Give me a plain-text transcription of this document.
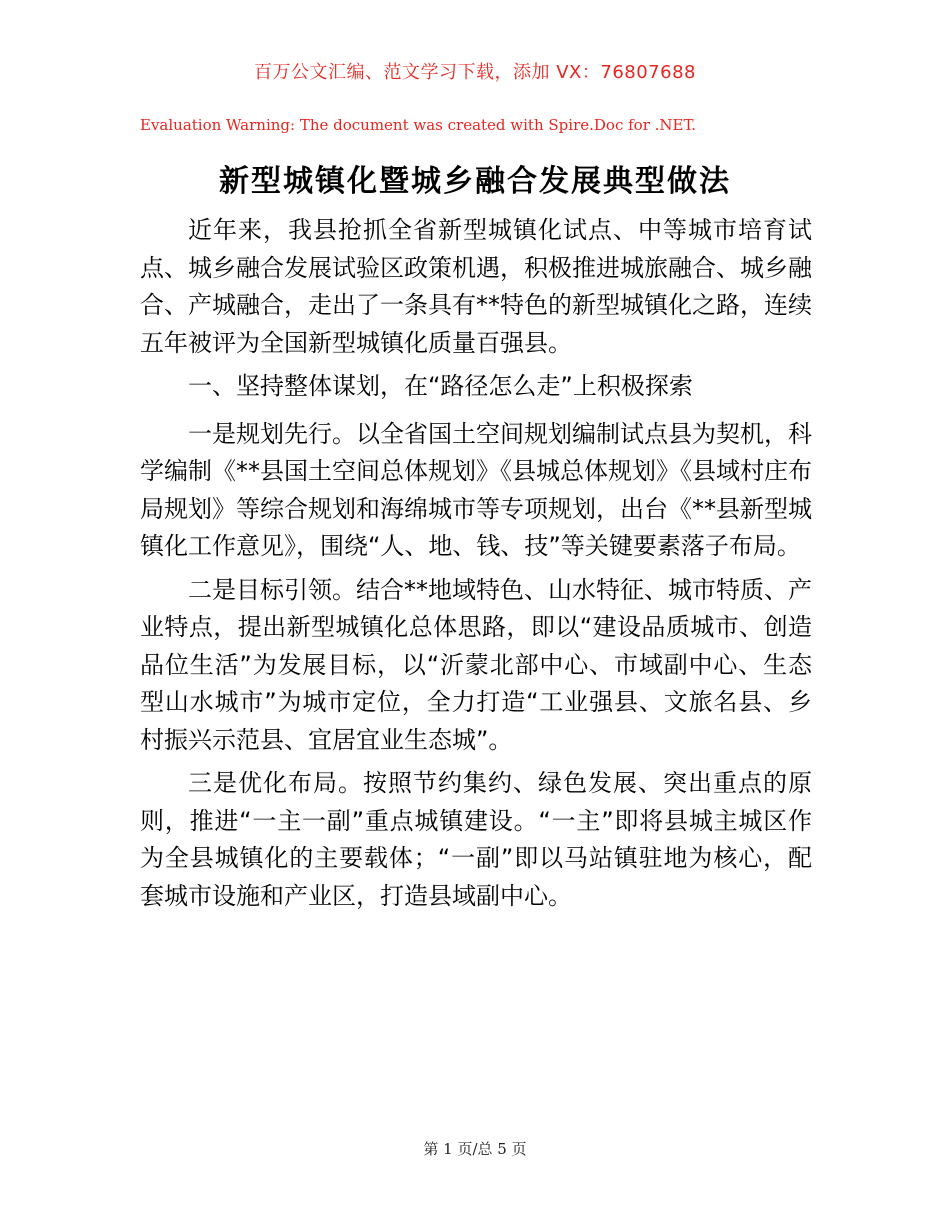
百万公文汇编、范文学习下载，添加 VX：76807688
Evaluation Warning: The document was created with Spire.Doc for .NET.
新型城镇化暨城乡融合发展典型做法

近年来，我县抢抓全省新型城镇化试点、中等城市培育试点、城乡融合发展试验区政策机遇，积极推进城旅融合、城乡融合、产城融合，走出了一条具有**特色的新型城镇化之路，连续五年被评为全国新型城镇化质量百强县。

一、坚持整体谋划，在“路径怎么走”上积极探索

一是规划先行。以全省国土空间规划编制试点县为契机，科学编制《**县国土空间总体规划》《县城总体规划》《县域村庄布局规划》等综合规划和海绵城市等专项规划，出台《**县新型城镇化工作意见》，围绕“人、地、钱、技”等关键要素落子布局。

二是目标引领。结合**地域特色、山水特征、城市特质、产业特点，提出新型城镇化总体思路，即以“建设品质城市、创造品位生活”为发展目标，以“沂蒙北部中心、市域副中心、生态型山水城市”为城市定位，全力打造“工业强县、文旅名县、乡村振兴示范县、宜居宜业生态城”。

三是优化布局。按照节约集约、绿色发展、突出重点的原则，推进“一主一副”重点城镇建设。“一主”即将县城主城区作为全县城镇化的主要载体；“一副”即以马站镇驻地为核心，配套城市设施和产业区，打造县域副中心。

第 1 页/总 5 页
